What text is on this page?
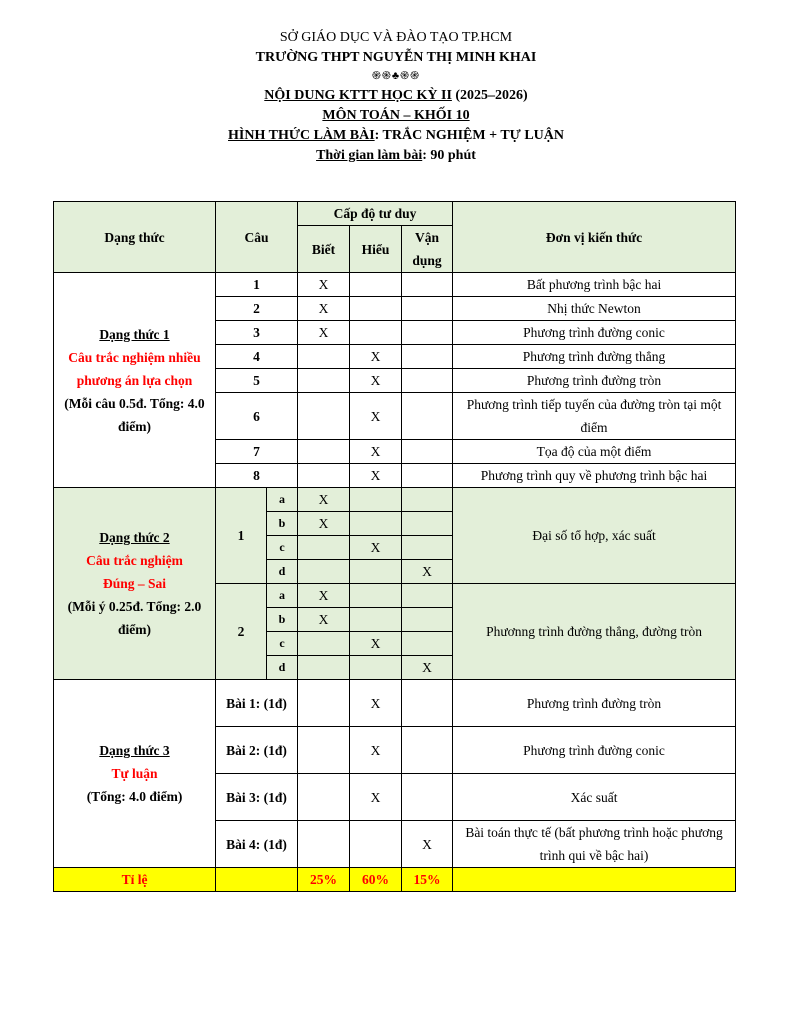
SỞ GIÁO DỤC VÀ ĐÀO TẠO TP.HCM
TRƯỜNG THPT NGUYỄN THỊ MINH KHAI
֍֎♣֎֍
NỘI DUNG KTTT HỌC KỲ II (2025–2026)
MÔN TOÁN – KHỐI 10
HÌNH THỨC LÀM BÀI: TRẮC NGHIỆM + TỰ LUẬN
Thời gian làm bài: 90 phút
Dạng thức	Câu		Cấp độ tư duy			Đơn vị kiến thức
			Biết	Hiểu	Vận dụng	

Dạng thức 1
Câu trắc nghiệm nhiều phương án lựa chọn
(Mỗi câu 0.5đ. Tổng: 4.0 điểm)	1		X			Bất phương trình bậc hai
	2		X			Nhị thức Newton
	3		X			Phương trình đường conic
	4			X		Phương trình đường thẳng
	5			X		Phương trình đường tròn
	6			X		Phương trình tiếp tuyến của đường tròn tại một điểm
	7			X		Tọa độ của một điểm
	8			X		Phương trình quy về phương trình bậc hai

Dạng thức 2
Câu trắc nghiệm
Đúng – Sai
(Mỗi ý 0.25đ. Tổng: 2.0 điểm)	1	a	X			Đại số tổ hợp, xác suất
		b	X			
		c		X		
		d			X	
	2	a	X			Phươnng trình đường thẳng, đường tròn
		b	X			
		c		X		
		d			X	

Dạng thức 3
Tự luận
(Tổng: 4.0 điểm)	Bài 1: (1đ)			X		Phương trình đường tròn
	Bài 2: (1đ)			X		Phương trình đường conic
	Bài 3: (1đ)			X		Xác suất
	Bài 4: (1đ)				X	Bài toán thực tế (bất phương trình hoặc phương trình qui về bậc hai)
Tỉ lệ			25%	60%	15%	
